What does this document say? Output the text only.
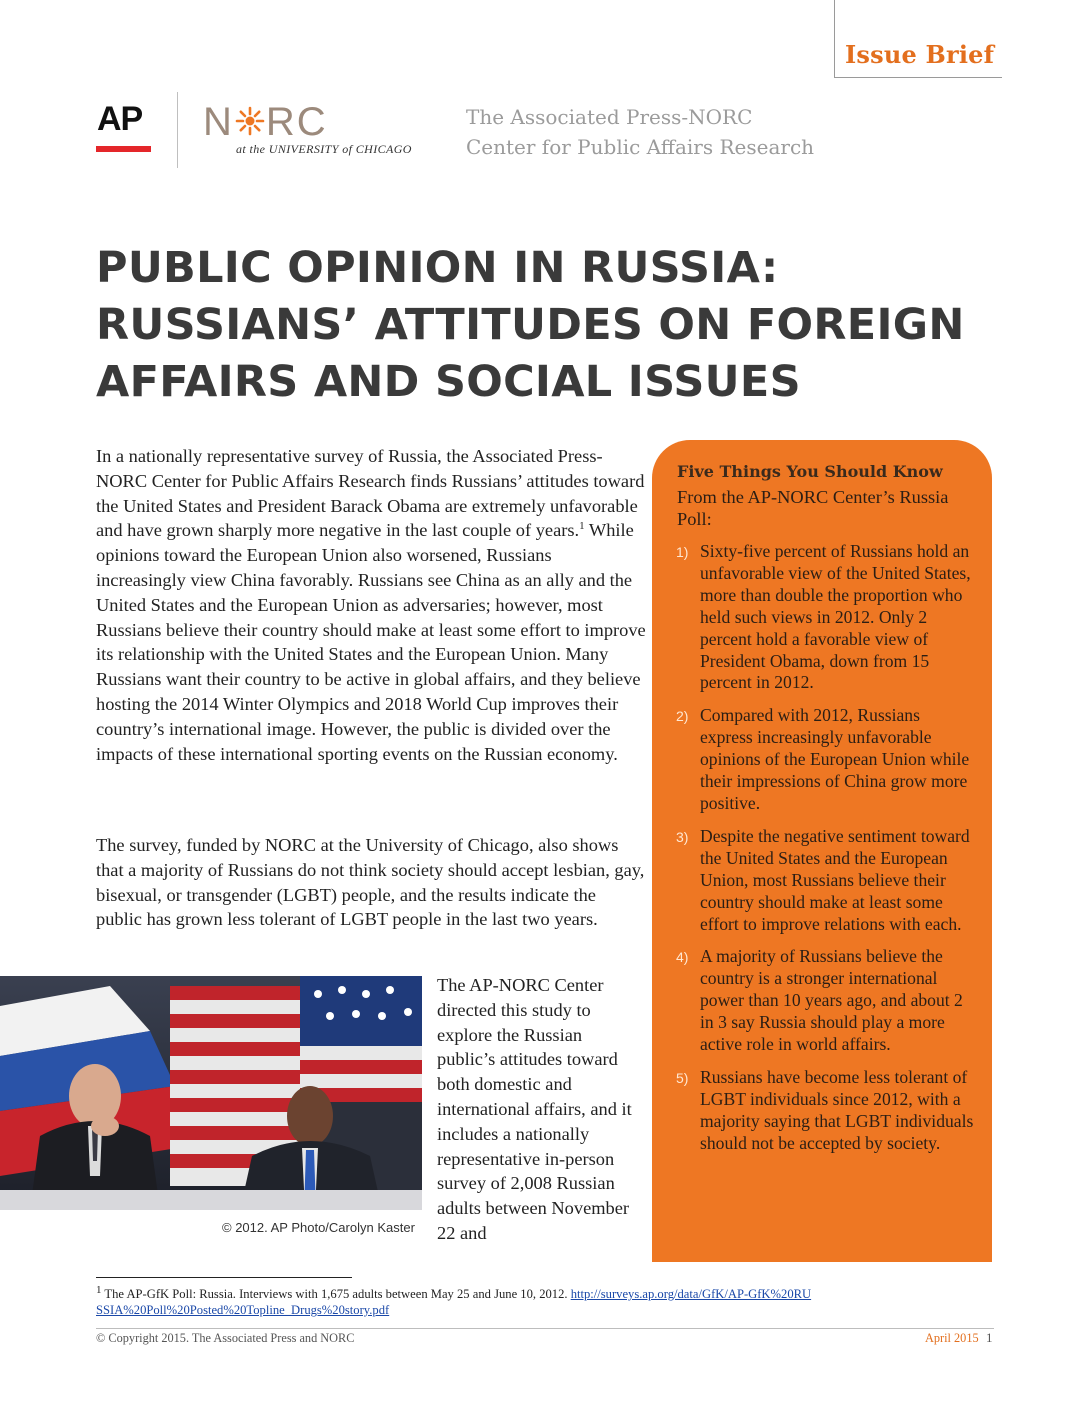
Issue Brief
AP N RC
at the UNIVERSITY of CHICAGO
The Associated Press-NORC
Center for Public Affairs Research
PUBLIC OPINION IN RUSSIA:
RUSSIANS’ ATTITUDES ON FOREIGN
AFFAIRS AND SOCIAL ISSUES

In a nationally representative survey of Russia, the Associated Press-NORC Center for Public Affairs Research finds Russians’ attitudes toward the United States and President Barack Obama are extremely unfavorable and have grown sharply more negative in the last couple of years.$^1$ While opinions toward the European Union also worsened, Russians increasingly view China favorably. Russians see China as an ally and the United States and the European Union as adversaries; however, most Russians believe their country should make at least some effort to improve its relationship with the United States and the European Union. Many Russians want their country to be active in global affairs, and they believe hosting the 2014 Winter Olympics and 2018 World Cup improves their country’s international image. However, the public is divided over the impacts of these international sporting events on the Russian economy.

The survey, funded by NORC at the University of Chicago, also shows that a majority of Russians do not think society should accept lesbian, gay, bisexual, or transgender (LGBT) people, and the results indicate the public has grown less tolerant of LGBT people in the last two years.

The AP-NORC Center directed this study to explore the Russian public’s attitudes toward both domestic and international affairs, and it includes a nationally representative in-person survey of 2,008 Russian adults between November 22 and

© 2012. AP Photo/Carolyn Kaster
Five Things You Should Know

From the AP-NORC Center’s Russia Poll:

1) Sixty-five percent of Russians hold an unfavorable view of the United States, more than double the proportion who held such views in 2012. Only 2 percent hold a favorable view of President Obama, down from 15 percent in 2012.
2) Compared with 2012, Russians express increasingly unfavorable opinions of the European Union while their impressions of China grow more positive.
3) Despite the negative sentiment toward the United States and the European Union, most Russians believe their country should make at least some effort to improve relations with each.
4) A majority of Russians believe the country is a stronger international power than 10 years ago, and about 2 in 3 say Russia should play a more active role in world affairs.
5) Russians have become less tolerant of LGBT individuals since 2012, with a majority saying that LGBT individuals should not be accepted by society.
$^1$ The AP-GfK Poll: Russia. Interviews with 1,675 adults between May 25 and June 10, 2012. http://surveys.ap.org/data/GfK/AP-GfK%20RUSSIA%20Poll%20Posted%20Topline_Drugs%20story.pdf
© Copyright 2015. The Associated Press and NORC	April 2015 1
